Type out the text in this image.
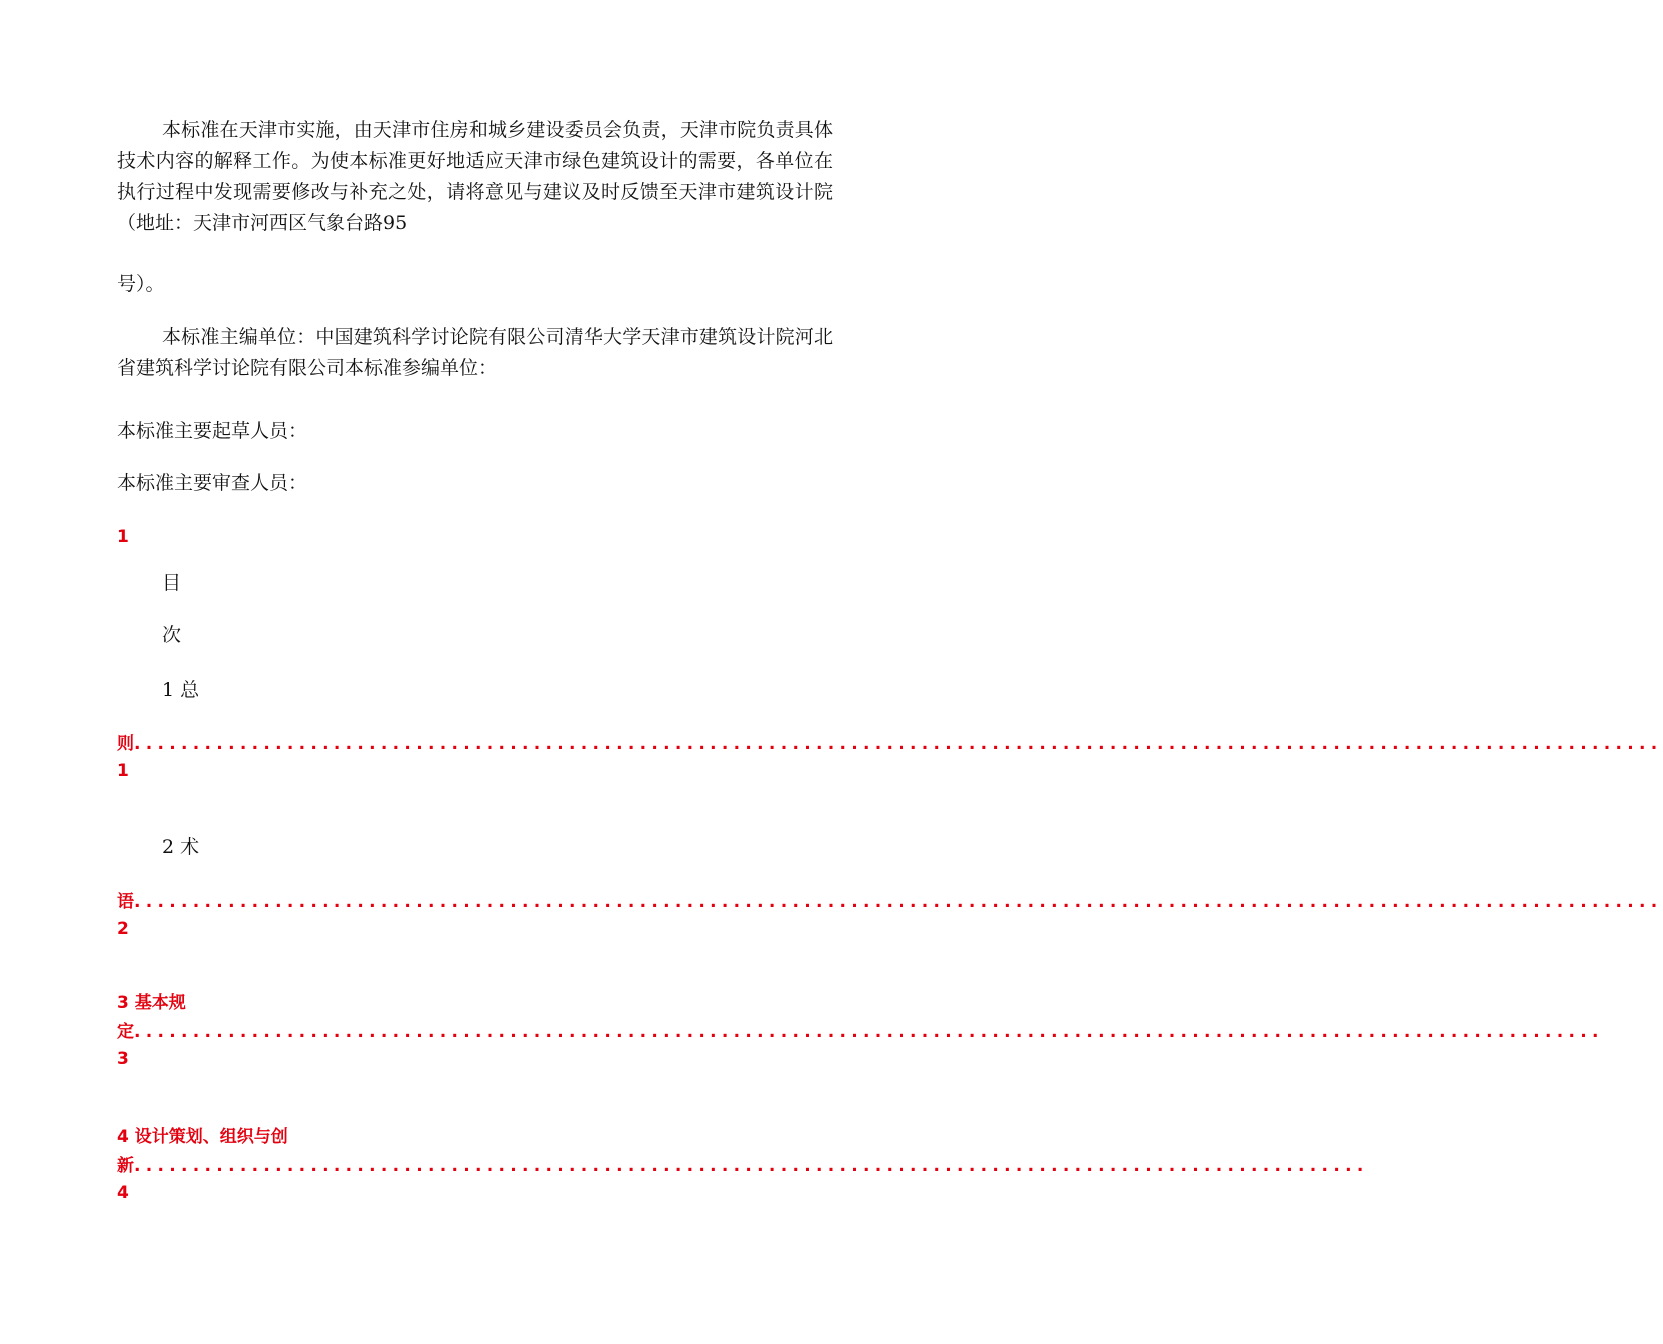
本标准在天津市实施，由天津市住房和城乡建设委员会负责，天津市院负责具体技术内容的解释工作。为使本标准更好地适应天津市绿色建筑设计的需要，各单位在执行过程中发现需要修改与补充之处，请将意见与建议及时反馈至天津市建筑设计院（地址：天津市河西区气象台路95

号）。

本标准主编单位：中国建筑科学讨论院有限公司清华大学天津市建筑设计院河北省建筑科学讨论院有限公司本标准参编单位：

本标准主要起草人员：

本标准主要审查人员：

1

目

次

1 总

则..................................................................................................................................1

2 术

语..................................................................................................................................2

3 基本规

定.............................................................................................................................3

4 设计策划、组织与创

新.........................................................................................................4
